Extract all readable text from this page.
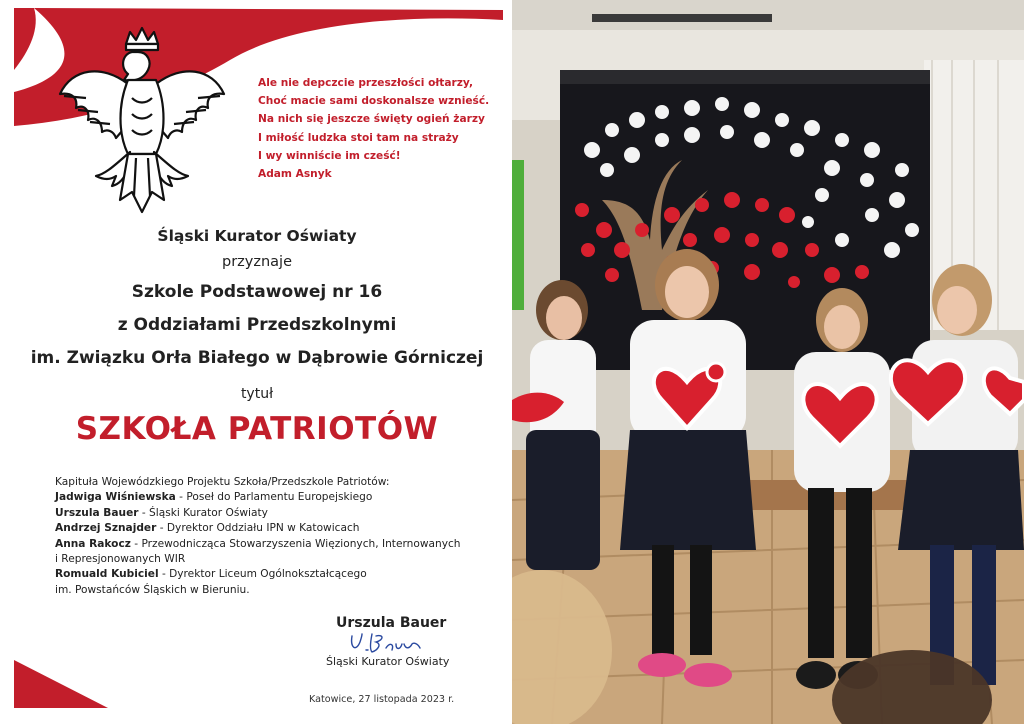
Ale nie depczcie przeszłości ołtarzy,
Choć macie sami doskonalsze wznieść.
Na nich się jeszcze święty ogień żarzy
I miłość ludzka stoi tam na straży
I wy winniście im cześć!
Adam Asnyk
Śląski Kurator Oświaty
przyznaje
Szkole Podstawowej nr 16
z Oddziałami Przedszkolnymi
im. Związku Orła Białego w Dąbrowie Górniczej
tytuł
SZKOŁA PATRIOTÓW
Kapituła Wojewódzkiego Projektu Szkoła/Przedszkole Patriotów:
Jadwiga Wiśniewska - Poseł do Parlamentu Europejskiego
Urszula Bauer - Śląski Kurator Oświaty
Andrzej Sznajder - Dyrektor Oddziału IPN w Katowicach
Anna Rakocz - Przewodnicząca Stowarzyszenia Więzionych, Internowanych
i Represjonowanych WIR
Romuald Kubiciel - Dyrektor Liceum Ogólnokształcącego
im. Powstańców Śląskich w Bieruniu.
Urszula Bauer
Śląski Kurator Oświaty
Katowice, 27 listopada 2023 r.
